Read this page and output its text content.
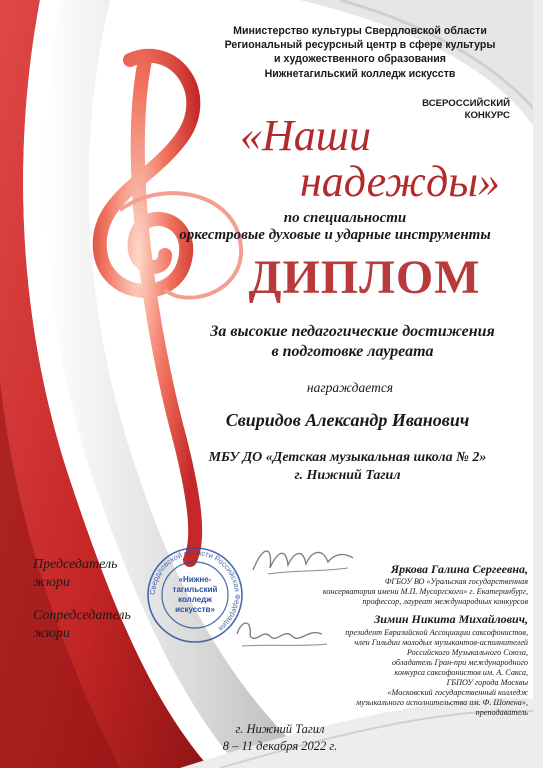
Министерство культуры Свердловской области
Региональный ресурсный центр в сфере культуры
и художественного образования
Нижнетагильский колледж искусств
ВСЕРОССИЙСКИЙ
КОНКУРС
«Наши
надежды»
по специальности
оркестровые духовые и ударные инструменты
ДИПЛОМ
За высокие педагогические достижения
в подготовке лауреата
награждается
Свиридов Александр Иванович
МБУ ДО «Детская музыкальная школа № 2»
г. Нижний Тагил
Свердловской области Российская Федерация
«Нижне-
тагильский
колледж
искусств»
Председатель
жюри
Сопредседатель
жюри
Яркова Галина Сергеевна,
ФГБОУ ВО «Уральская государственная
консерватория имени М.П. Мусоргского» г. Екатеринбург,
профессор, лауреат международных конкурсов
Зимин Никита Михайлович,
президент Евразийской Ассоциации саксофонистов,
член Гильдии молодых музыкантов-исполнителей
Российского Музыкального Союза,
обладатель Гран-при международного
конкурса саксофонистов им. А. Сакса,
ГБПОУ города Москвы
«Московский государственный колледж
музыкального исполнительства им. Ф. Шопена»,
преподаватель
г. Нижний Тагил
8 – 11 декабря 2022 г.
